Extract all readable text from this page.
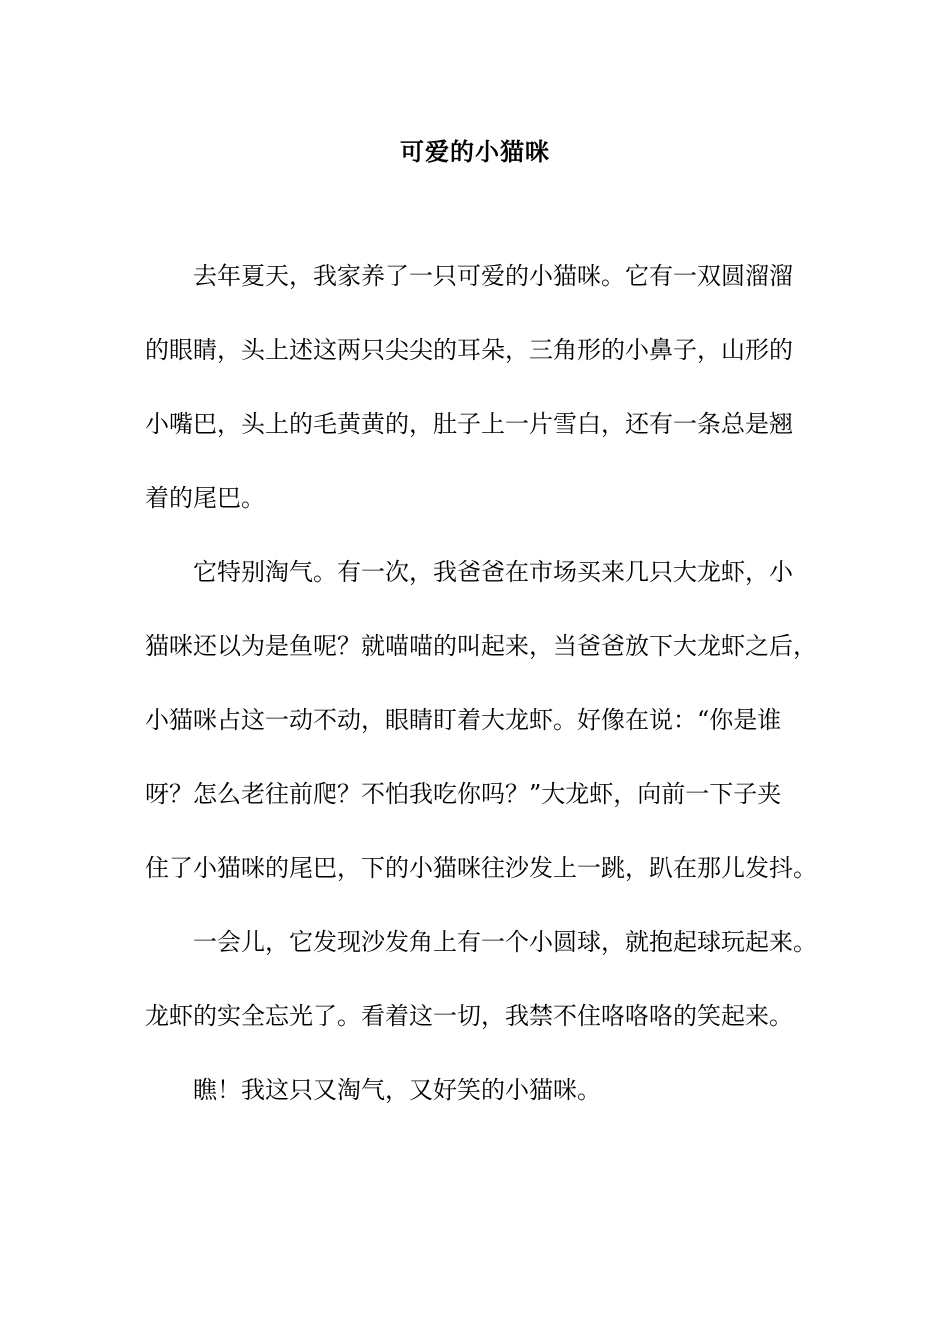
可爱的小猫咪
去年夏天，我家养了一只可爱的小猫咪。它有一双圆溜溜
的眼睛，头上述这两只尖尖的耳朵，三角形的小鼻子，山形的
小嘴巴，头上的毛黄黄的，肚子上一片雪白，还有一条总是翘
着的尾巴。
它特别淘气。有一次，我爸爸在市场买来几只大龙虾，小
猫咪还以为是鱼呢？就喵喵的叫起来，当爸爸放下大龙虾之后，
小猫咪占这一动不动，眼睛盯着大龙虾。好像在说：“你是谁
呀？怎么老往前爬？不怕我吃你吗？”大龙虾，向前一下子夹
住了小猫咪的尾巴，下的小猫咪往沙发上一跳，趴在那儿发抖。
一会儿，它发现沙发角上有一个小圆球，就抱起球玩起来。
龙虾的实全忘光了。看着这一切，我禁不住咯咯咯的笑起来。
瞧！我这只又淘气，又好笑的小猫咪。
